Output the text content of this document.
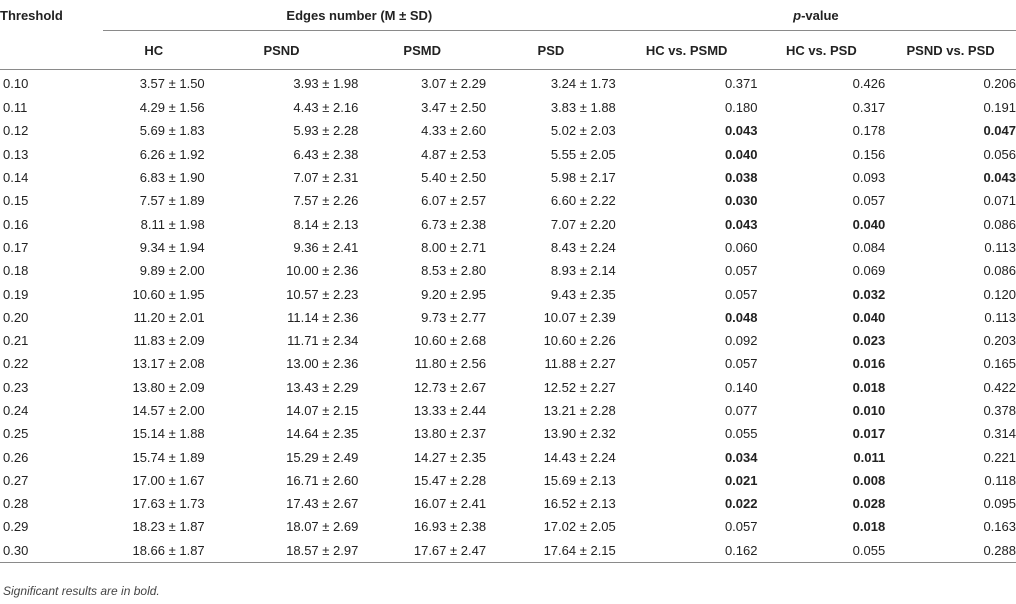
Threshold	Edges number (M ± SD)				p-value		
	HC	PSND	PSMD	PSD	HC vs. PSMD	HC vs. PSD	PSND vs. PSD
0.10	3.57 ± 1.50	3.93 ± 1.98	3.07 ± 2.29	3.24 ± 1.73	0.371	0.426	0.206
0.11	4.29 ± 1.56	4.43 ± 2.16	3.47 ± 2.50	3.83 ± 1.88	0.180	0.317	0.191
0.12	5.69 ± 1.83	5.93 ± 2.28	4.33 ± 2.60	5.02 ± 2.03	0.043	0.178	0.047
0.13	6.26 ± 1.92	6.43 ± 2.38	4.87 ± 2.53	5.55 ± 2.05	0.040	0.156	0.056
0.14	6.83 ± 1.90	7.07 ± 2.31	5.40 ± 2.50	5.98 ± 2.17	0.038	0.093	0.043
0.15	7.57 ± 1.89	7.57 ± 2.26	6.07 ± 2.57	6.60 ± 2.22	0.030	0.057	0.071
0.16	8.11 ± 1.98	8.14 ± 2.13	6.73 ± 2.38	7.07 ± 2.20	0.043	0.040	0.086
0.17	9.34 ± 1.94	9.36 ± 2.41	8.00 ± 2.71	8.43 ± 2.24	0.060	0.084	0.113
0.18	9.89 ± 2.00	10.00 ± 2.36	8.53 ± 2.80	8.93 ± 2.14	0.057	0.069	0.086
0.19	10.60 ± 1.95	10.57 ± 2.23	9.20 ± 2.95	9.43 ± 2.35	0.057	0.032	0.120
0.20	11.20 ± 2.01	11.14 ± 2.36	9.73 ± 2.77	10.07 ± 2.39	0.048	0.040	0.113
0.21	11.83 ± 2.09	11.71 ± 2.34	10.60 ± 2.68	10.60 ± 2.26	0.092	0.023	0.203
0.22	13.17 ± 2.08	13.00 ± 2.36	11.80 ± 2.56	11.88 ± 2.27	0.057	0.016	0.165
0.23	13.80 ± 2.09	13.43 ± 2.29	12.73 ± 2.67	12.52 ± 2.27	0.140	0.018	0.422
0.24	14.57 ± 2.00	14.07 ± 2.15	13.33 ± 2.44	13.21 ± 2.28	0.077	0.010	0.378
0.25	15.14 ± 1.88	14.64 ± 2.35	13.80 ± 2.37	13.90 ± 2.32	0.055	0.017	0.314
0.26	15.74 ± 1.89	15.29 ± 2.49	14.27 ± 2.35	14.43 ± 2.24	0.034	0.011	0.221
0.27	17.00 ± 1.67	16.71 ± 2.60	15.47 ± 2.28	15.69 ± 2.13	0.021	0.008	0.118
0.28	17.63 ± 1.73	17.43 ± 2.67	16.07 ± 2.41	16.52 ± 2.13	0.022	0.028	0.095
0.29	18.23 ± 1.87	18.07 ± 2.69	16.93 ± 2.38	17.02 ± 2.05	0.057	0.018	0.163
0.30	18.66 ± 1.87	18.57 ± 2.97	17.67 ± 2.47	17.64 ± 2.15	0.162	0.055	0.288
Significant results are in bold.
